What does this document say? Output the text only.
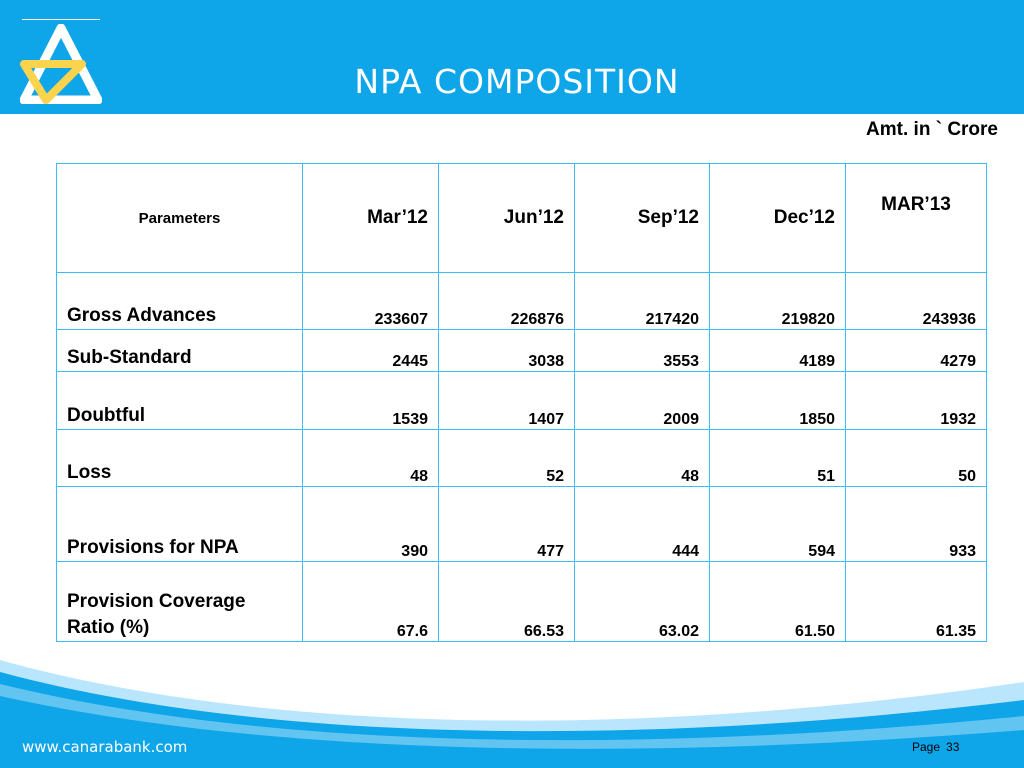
NPA COMPOSITION
Amt. in ` Crore
Parameters	Mar’12	Jun’12	Sep’12	Dec’12	MAR’13
Gross Advances	233607	226876	217420	219820	243936
Sub-Standard	2445	3038	3553	4189	4279
Doubtful	1539	1407	2009	1850	1932
Loss	48	52	48	51	50
Provisions for NPA	390	477	444	594	933
Provision Coverage Ratio (%)	67.6	66.53	63.02	61.50	61.35
www.canarabank.com	Page 33
